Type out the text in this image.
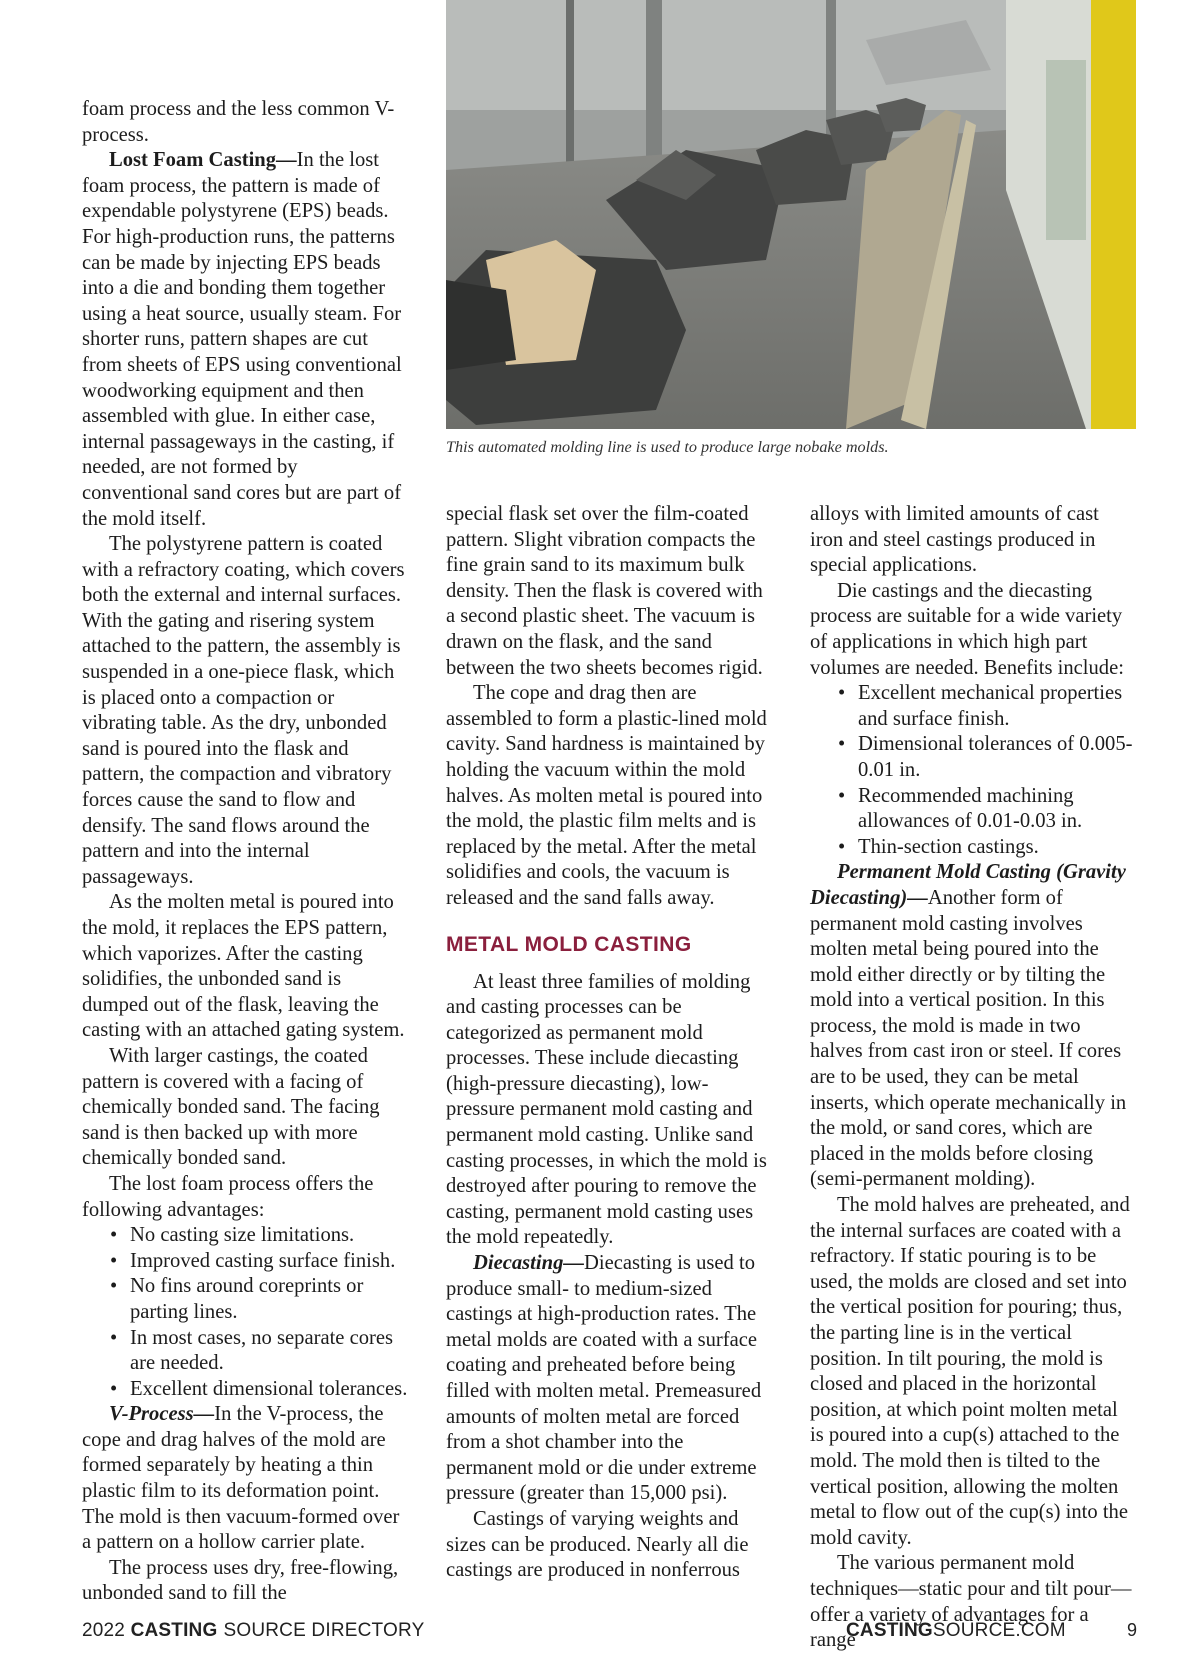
This automated molding line is used to produce large nobake molds.

foam process and the less common V-process.

Lost Foam Casting—In the lost foam process, the pattern is made of expendable polystyrene (EPS) beads. For high-production runs, the patterns can be made by injecting EPS beads into a die and bonding them together using a heat source, usually steam. For shorter runs, pattern shapes are cut from sheets of EPS using conventional woodworking equipment and then assembled with glue. In either case, internal passageways in the casting, if needed, are not formed by conventional sand cores but are part of the mold itself.

The polystyrene pattern is coated with a refractory coating, which covers both the external and internal surfaces. With the gating and risering system attached to the pattern, the assembly is suspended in a one-piece flask, which is placed onto a compaction or vibrating table. As the dry, unbonded sand is poured into the flask and pattern, the compaction and vibratory forces cause the sand to flow and densify. The sand flows around the pattern and into the internal passageways.

As the molten metal is poured into the mold, it replaces the EPS pattern, which vaporizes. After the casting solidifies, the unbonded sand is dumped out of the flask, leaving the casting with an attached gating system.

With larger castings, the coated pattern is covered with a facing of chemically bonded sand. The facing sand is then backed up with more chemically bonded sand.

The lost foam process offers the following advantages:

• No casting size limitations.
• Improved casting surface finish.
• No fins around coreprints or parting lines.
• In most cases, no separate cores are needed.
• Excellent dimensional tolerances.

V-Process—In the V-process, the cope and drag halves of the mold are formed separately by heating a thin plastic film to its deformation point. The mold is then vacuum-formed over a pattern on a hollow carrier plate.

The process uses dry, free-flowing, unbonded sand to fill the

special flask set over the film-coated pattern. Slight vibration compacts the fine grain sand to its maximum bulk density. Then the flask is covered with a second plastic sheet. The vacuum is drawn on the flask, and the sand between the two sheets becomes rigid.

The cope and drag then are assembled to form a plastic-lined mold cavity. Sand hardness is maintained by holding the vacuum within the mold halves. As molten metal is poured into the mold, the plastic film melts and is replaced by the metal. After the metal solidifies and cools, the vacuum is released and the sand falls away.

METAL MOLD CASTING

At least three families of molding and casting processes can be categorized as permanent mold processes. These include diecasting (high-pressure diecasting), low-pressure permanent mold casting and permanent mold casting. Unlike sand casting processes, in which the mold is destroyed after pouring to remove the casting, permanent mold casting uses the mold repeatedly.

Diecasting—Diecasting is used to produce small- to medium-sized castings at high-production rates. The metal molds are coated with a surface coating and preheated before being filled with molten metal. Premeasured amounts of molten metal are forced from a shot chamber into the permanent mold or die under extreme pressure (greater than 15,000 psi).

Castings of varying weights and sizes can be produced. Nearly all die castings are produced in nonferrous

alloys with limited amounts of cast iron and steel castings produced in special applications.

Die castings and the diecasting process are suitable for a wide variety of applications in which high part volumes are needed. Benefits include:

• Excellent mechanical properties and surface finish.
• Dimensional tolerances of 0.005-0.01 in.
• Recommended machining allowances of 0.01-0.03 in.
• Thin-section castings.

Permanent Mold Casting (Gravity Diecasting)—Another form of permanent mold casting involves molten metal being poured into the mold either directly or by tilting the mold into a vertical position. In this process, the mold is made in two halves from cast iron or steel. If cores are to be used, they can be metal inserts, which operate mechanically in the mold, or sand cores, which are placed in the molds before closing (semi-permanent molding).

The mold halves are preheated, and the internal surfaces are coated with a refractory. If static pouring is to be used, the molds are closed and set into the vertical position for pouring; thus, the parting line is in the vertical position. In tilt pouring, the mold is closed and placed in the horizontal position, at which point molten metal is poured into a cup(s) attached to the mold. The mold then is tilted to the vertical position, allowing the molten metal to flow out of the cup(s) into the mold cavity.

The various permanent mold techniques—static pour and tilt pour—offer a variety of advantages for a range

2022 CASTING SOURCE DIRECTORY	CASTINGSOURCE.COM	9
